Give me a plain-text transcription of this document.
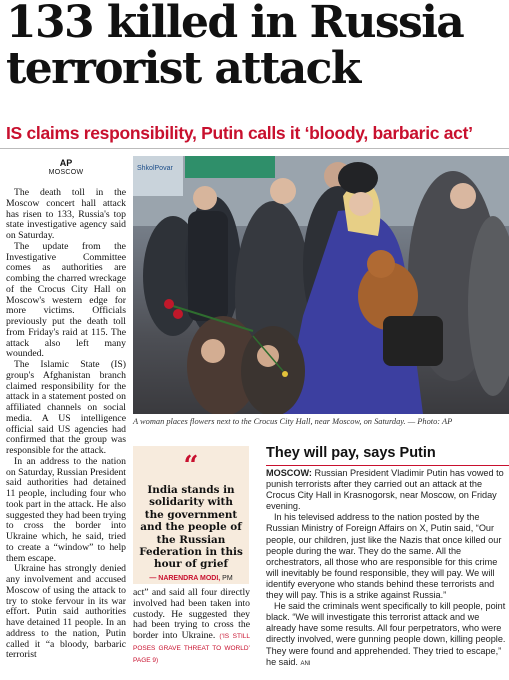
133 killed in Russia terrorist attack
IS claims responsibility, Putin calls it ‘bloody, barbaric act’
AP
MOSCOW

The death toll in the Moscow concert hall attack has risen to 133, Russia's top state investigative agency said on Saturday.

The update from the Investigative Committee comes as authorities are combing the charred wreckage of the Crocus City Hall on Moscow's western edge for more victims. Officials previously put the death toll from Friday's raid at 115. The attack also left many wounded.

The Islamic State (IS) group's Afghanistan branch claimed responsibility for the attack in a statement posted on affiliated channels on social media. A US intelligence official said US agencies had confirmed that the group was responsible for the attack.

In an address to the nation on Saturday, Russian President said authorities had detained 11 people, including four who took part in the attack. He also suggested they had been trying to cross the border into Ukraine which, he said, tried to create a “window” to help them escape.

Ukraine has strongly denied any involvement and accused Moscow of using the attack to try to stoke fervour in its war effort. Putin said authorities have detained 11 people. In an address to the nation, Putin called it “a bloody, barbaric terrorist

ShkolPovar
A woman places flowers next to the Crocus City Hall, near Moscow, on Saturday. — Photo: AP
“
India stands in solidarity with the government and the people of the Russian Federation in this hour of grief
— NARENDRA MODI, PM
act” and said all four directly involved had been taken into custody. He suggested they had been trying to cross the border into Ukraine. (‘IS STILL POSES GRAVE THREAT TO WORLD’ PAGE 9)
They will pay, says Putin

MOSCOW: Russian President Vladimir Putin has vowed to punish terrorists after they carried out an attack at the Crocus City Hall in Krasnogorsk, near Moscow, on Friday evening.

In his televised address to the nation posted by the Russian Ministry of Foreign Affairs on X, Putin said, “Our people, our children, just like the Nazis that once killed our people during the war. They do the same. All the orchestrators, all those who are responsible for this crime will inevitably be found responsible, they will pay. We will identify everyone who stands behind these terrorists and they will pay. This is a strike against Russia.”

He said the criminals went specifically to kill people, point black. “We will investigate this terrorist attack and we already have some results. All four perpetrators, who were directly involved, were gunning people down, killing people. They were found and apprehended. They tried to escape,” he said. ANI
